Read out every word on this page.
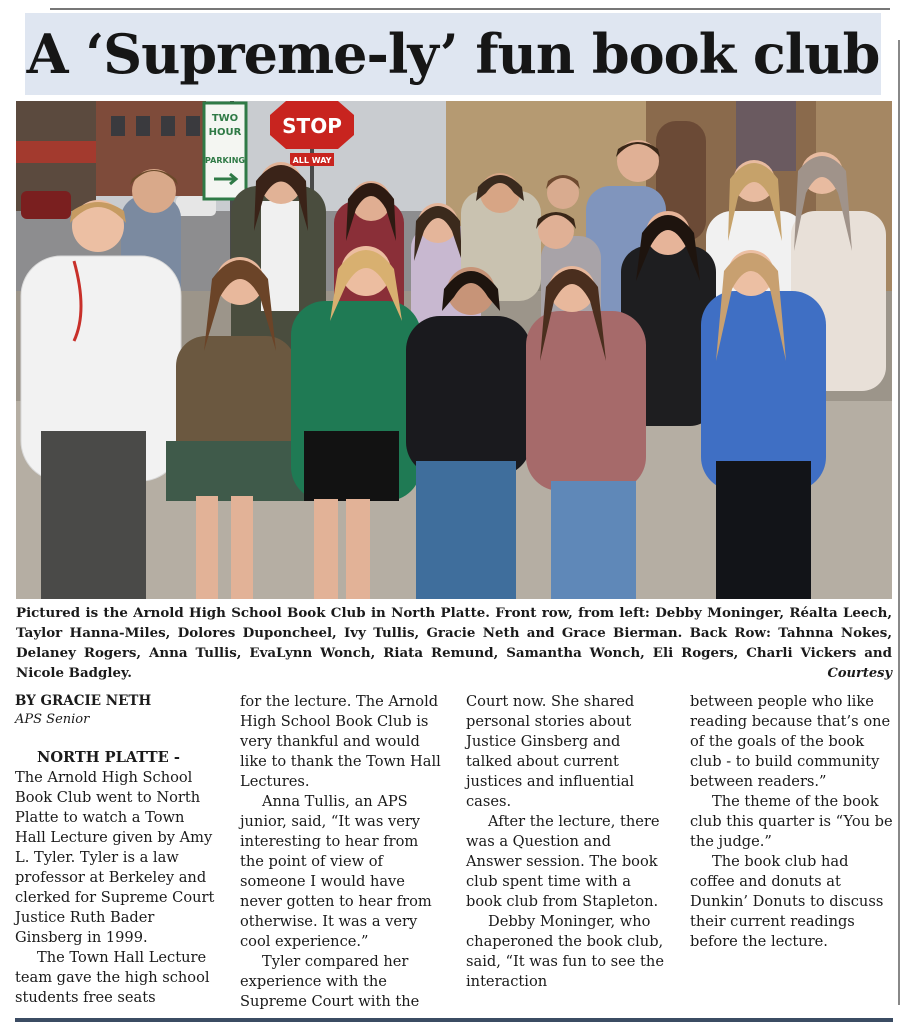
A ‘Supreme-ly’ fun book club
TWO
HOUR
PARKING
STOP
ALL WAY
Pictured is the Arnold High School Book Club in North Platte. Front row, from left: Debby Moninger, Réalta Leech, Taylor Hanna-Miles, Dolores Duponcheel, Ivy Tullis, Gracie Neth and Grace Bierman. Back Row: Tahnna Nokes, Delaney Rogers, Anna Tullis, EvaLynn Wonch, Riata Remund, Samantha Wonch, Eli Rogers, Charli Vickers and Nicole Badgley.	Courtesy
BY GRACIE NETH
APS Senior

NORTH PLATTE -

The Arnold High School Book Club went to North Platte to watch a Town Hall Lecture given by Amy L. Tyler. Tyler is a law professor at Berkeley and clerked for Supreme Court Justice Ruth Bader Ginsberg in 1999.

The Town Hall Lecture team gave the high school students free seats

for the lecture. The Arnold High School Book Club is very thankful and would like to thank the Town Hall Lectures.

Anna Tullis, an APS junior, said, “It was very interesting to hear from the point of view of someone I would have never gotten to hear from otherwise. It was a very cool experience.”

Tyler compared her experience with the Supreme Court with the

Court now. She shared personal stories about Justice Ginsberg and talked about current justices and influential cases.

After the lecture, there was a Question and Answer session. The book club spent time with a book club from Stapleton.

Debby Moninger, who chaperoned the book club, said, “It was fun to see the interaction

between people who like reading because that’s one of the goals of the book club - to build community between readers.”

The theme of the book club this quarter is “You be the judge.”

The book club had coffee and donuts at Dunkin’ Donuts to discuss their current readings before the lecture.
